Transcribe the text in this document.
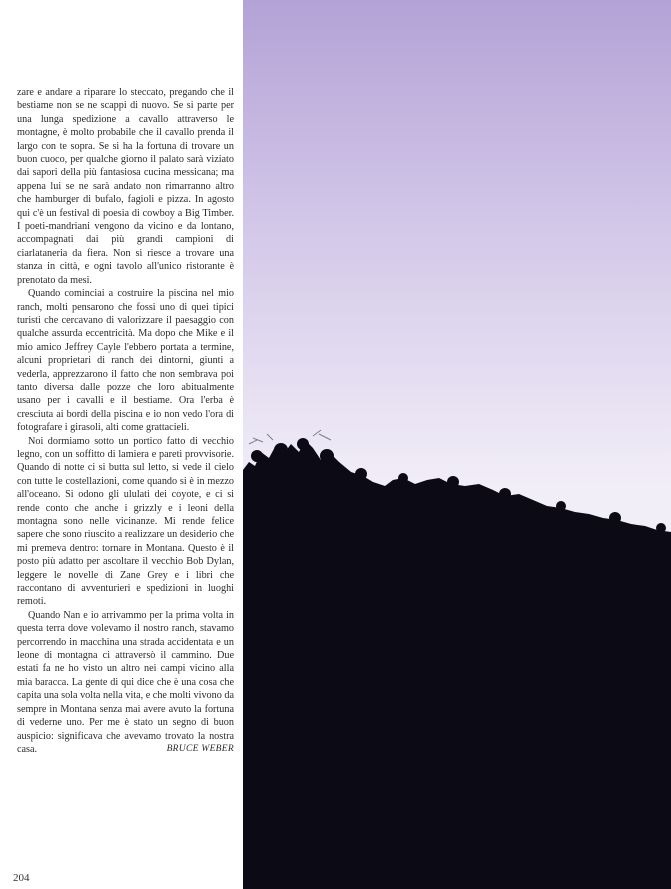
zare e andare a riparare lo steccato, pregando che il bestiame non se ne scappi di nuovo. Se si parte per una lunga spedizione a cavallo attraverso le montagne, è molto probabile che il cavallo prenda il largo con te sopra. Se si ha la fortuna di trovare un buon cuoco, per qualche giorno il palato sarà viziato dai sapori della più fantasiosa cucina messicana; ma appena lui se ne sarà andato non rimarranno altro che hamburger di bufalo, fagioli e pizza. In agosto qui c'è un festival di poesia di cowboy a Big Timber. I poeti-mandriani vengono da vicino e da lontano, accompagnati dai più grandi campioni di ciarlataneria da fiera. Non si riesce a trovare una stanza in città, e ogni tavolo all'unico ristorante è prenotato da mesi.

Quando cominciai a costruire la piscina nel mio ranch, molti pensarono che fossi uno di quei tipici turisti che cercavano di valorizzare il paesaggio con qualche assurda eccentricità. Ma dopo che Mike e il mio amico Jeffrey Cayle l'ebbero portata a termine, alcuni proprietari di ranch dei dintorni, giunti a vederla, apprezzarono il fatto che non sembrava poi tanto diversa dalle pozze che loro abitualmente usano per i cavalli e il bestiame. Ora l'erba è cresciuta ai bordi della piscina e io non vedo l'ora di fotografare i girasoli, alti come grattacieli.

Noi dormiamo sotto un portico fatto di vecchio legno, con un soffitto di lamiera e pareti provvisorie. Quando di notte ci si butta sul letto, si vede il cielo con tutte le costellazioni, come quando si è in mezzo all'oceano. Si odono gli ululati dei coyote, e ci si rende conto che anche i grizzly e i leoni della montagna sono nelle vicinanze. Mi rende felice sapere che sono riuscito a realizzare un desiderio che mi premeva dentro: tornare in Montana. Questo è il posto più adatto per ascoltare il vecchio Bob Dylan, leggere le novelle di Zane Grey e i libri che raccontano di avventurieri e spedizioni in luoghi remoti.

Quando Nan e io arrivammo per la prima volta in questa terra dove volevamo il nostro ranch, stavamo percorrendo in macchina una strada accidentata e un leone di montagna ci attraversò il cammino. Due estati fa ne ho visto un altro nei campi vicino alla mia baracca. La gente di qui dice che è una cosa che capita una sola volta nella vita, e che molti vivono da sempre in Montana senza mai avere avuto la fortuna di vederne uno. Per me è stato un segno di buon auspicio: significava che avevamo trovato la nostra casa.	BRUCE WEBER

204
